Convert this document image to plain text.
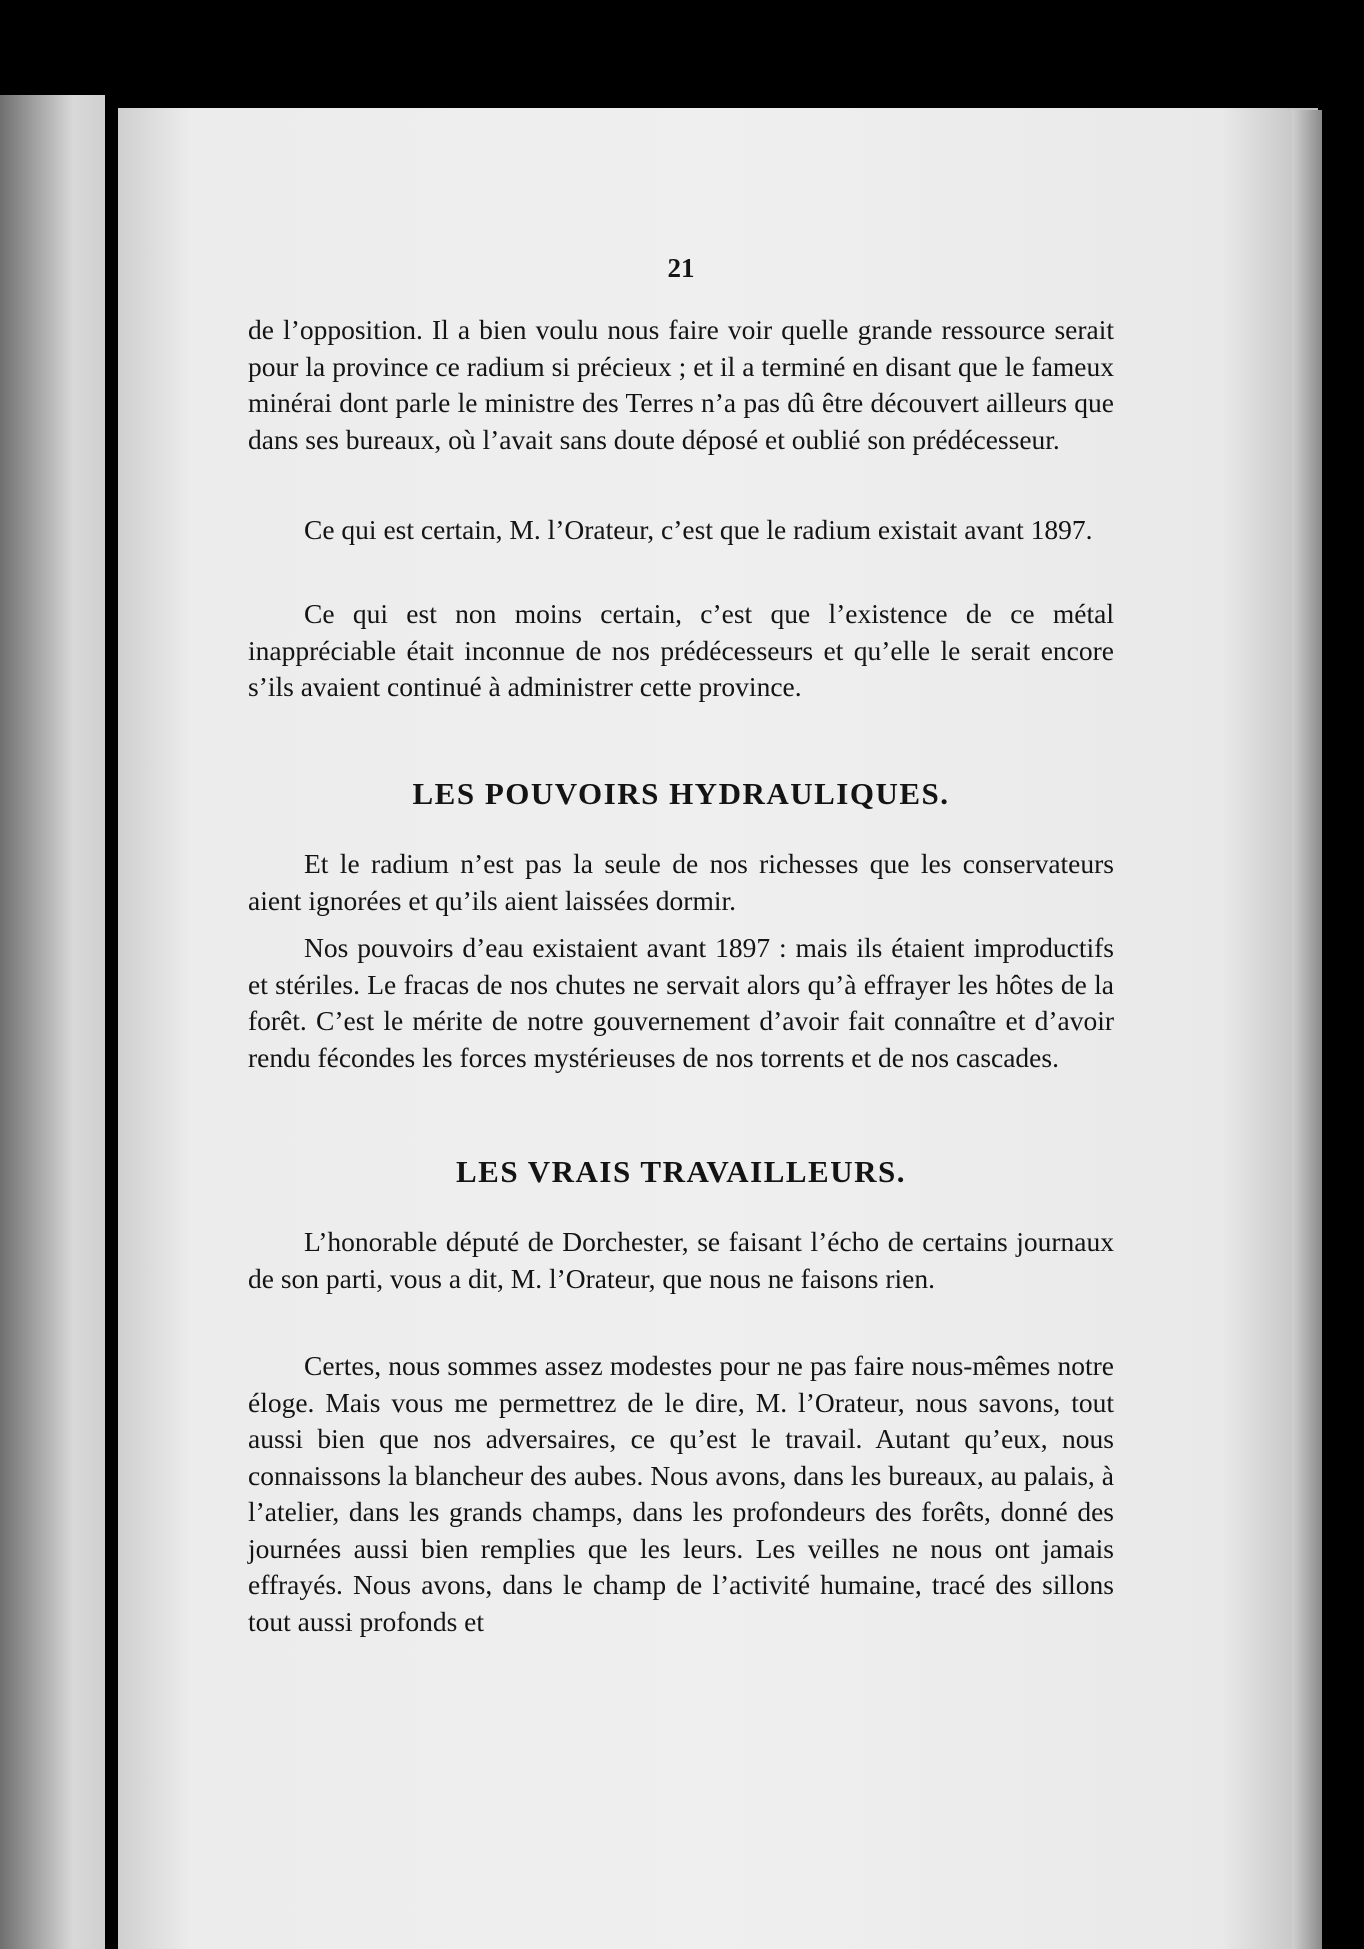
21

de l’opposition. Il a bien voulu nous faire voir quelle grande ressource serait pour la province ce radium si précieux ; et il a terminé en disant que le fameux minérai dont parle le ministre des Terres n’a pas dû être découvert ailleurs que dans ses bureaux, où l’avait sans doute déposé et oublié son prédécesseur.

Ce qui est certain, M. l’Orateur, c’est que le radium existait avant 1897.

Ce qui est non moins certain, c’est que l’existence de ce métal inappréciable était inconnue de nos prédécesseurs et qu’elle le serait encore s’ils avaient continué à administrer cette province.

LES POUVOIRS HYDRAULIQUES.

Et le radium n’est pas la seule de nos richesses que les conservateurs aient ignorées et qu’ils aient laissées dormir.

Nos pouvoirs d’eau existaient avant 1897 : mais ils étaient improductifs et stériles. Le fracas de nos chutes ne servait alors qu’à effrayer les hôtes de la forêt. C’est le mérite de notre gouvernement d’avoir fait connaître et d’avoir rendu fécondes les forces mystérieuses de nos torrents et de nos cascades.

LES VRAIS TRAVAILLEURS.

L’honorable député de Dorchester, se faisant l’écho de certains journaux de son parti, vous a dit, M. l’Orateur, que nous ne faisons rien.

Certes, nous sommes assez modestes pour ne pas faire nous-mêmes notre éloge. Mais vous me permettrez de le dire, M. l’Orateur, nous savons, tout aussi bien que nos adversaires, ce qu’est le travail. Autant qu’eux, nous connaissons la blancheur des aubes. Nous avons, dans les bureaux, au palais, à l’atelier, dans les grands champs, dans les profondeurs des forêts, donné des journées aussi bien remplies que les leurs. Les veilles ne nous ont jamais effrayés. Nous avons, dans le champ de l’activité humaine, tracé des sillons tout aussi profonds et
